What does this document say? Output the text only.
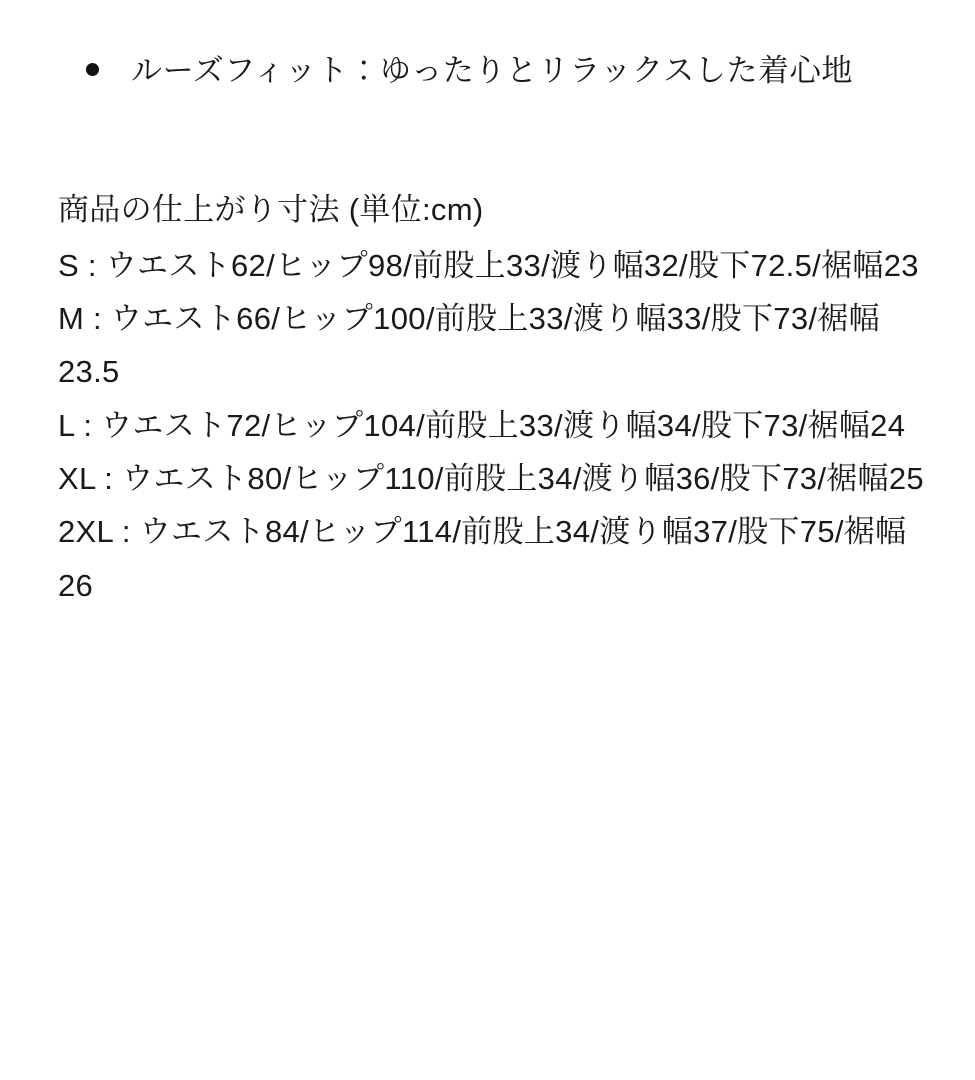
ルーズフィット：ゆったりとリラックスした着心地

商品の仕上がり寸法 (単位:cm)

S : ウエスト62/ヒップ98/前股上33/渡り幅32/股下72.5/裾幅23

M : ウエスト66/ヒップ100/前股上33/渡り幅33/股下73/裾幅23.5

L : ウエスト72/ヒップ104/前股上33/渡り幅34/股下73/裾幅24

XL : ウエスト80/ヒップ110/前股上34/渡り幅36/股下73/裾幅25

2XL : ウエスト84/ヒップ114/前股上34/渡り幅37/股下75/裾幅26
